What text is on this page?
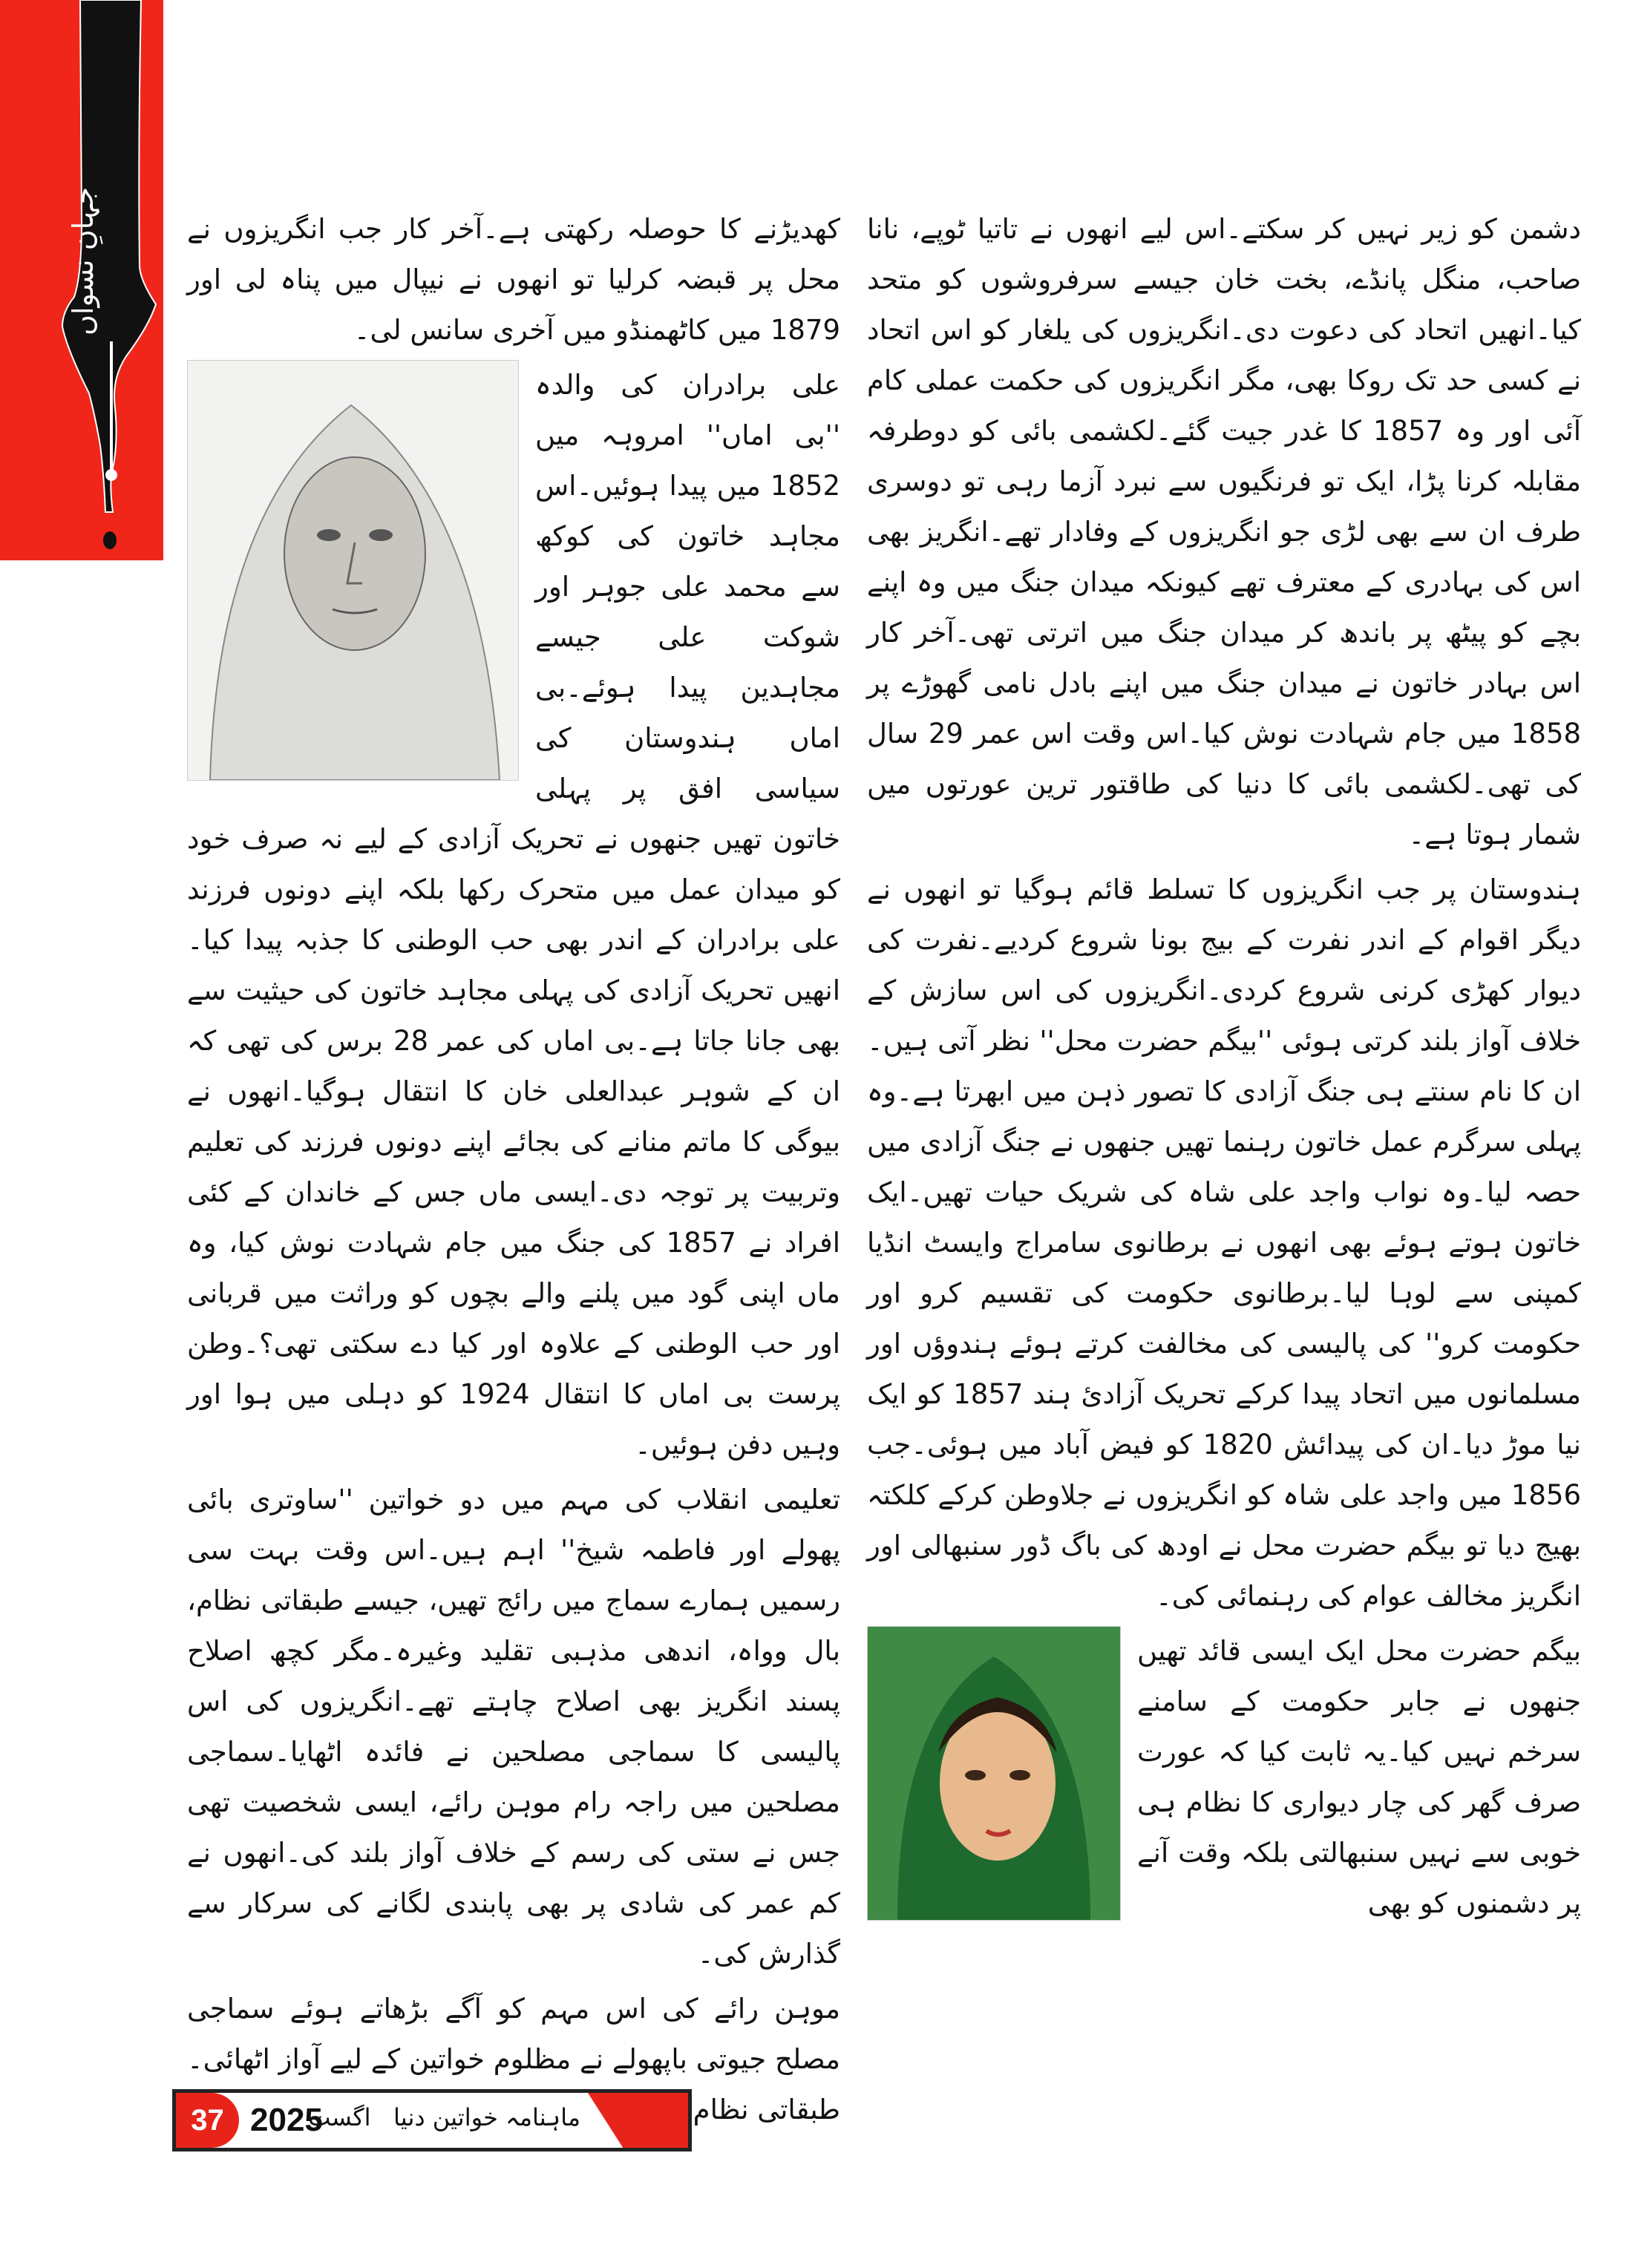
جہانِ نسواں	دشمن کو زیر نہیں کر سکتے۔اس لیے انھوں نے تاتیا ٹوپے، نانا صاحب، منگل پانڈے، بخت خان جیسے سرفروشوں کو متحد کیا۔انھیں اتحاد کی دعوت دی۔انگریزوں کی یلغار کو اس اتحاد نے کسی حد تک روکا بھی، مگر انگریزوں کی حکمت عملی کام آئی اور وہ 1857 کا غدر جیت گئے۔لکشمی بائی کو دوطرفہ مقابلہ کرنا پڑا، ایک تو فرنگیوں سے نبرد آزما رہی تو دوسری طرف ان سے بھی لڑی جو انگریزوں کے وفادار تھے۔انگریز بھی اس کی بہادری کے معترف تھے کیونکہ میدان جنگ میں وہ اپنے بچے کو پیٹھ پر باندھ کر میدان جنگ میں اترتی تھی۔آخر کار اس بہادر خاتون نے میدان جنگ میں اپنے بادل نامی گھوڑے پر 1858 میں جام شہادت نوش کیا۔اس وقت اس عمر 29 سال کی تھی۔لکشمی بائی کا دنیا کی طاقتور ترین عورتوں میں شمار ہوتا ہے۔

ہندوستان پر جب انگریزوں کا تسلط قائم ہوگیا تو انھوں نے دیگر اقوام کے اندر نفرت کے بیج بونا شروع کردیے۔نفرت کی دیوار کھڑی کرنی شروع کردی۔انگریزوں کی اس سازش کے خلاف آواز بلند کرتی ہوئی ''بیگم حضرت محل'' نظر آتی ہیں۔ان کا نام سنتے ہی جنگ آزادی کا تصور ذہن میں ابھرتا ہے۔وہ پہلی سرگرم عمل خاتون رہنما تھیں جنھوں نے جنگ آزادی میں حصہ لیا۔وہ نواب واجد علی شاہ کی شریک حیات تھیں۔ایک خاتون ہوتے ہوئے بھی انھوں نے برطانوی سامراج وایسٹ انڈیا کمپنی سے لوہا لیا۔برطانوی حکومت کی تقسیم کرو اور حکومت کرو'' کی پالیسی کی مخالفت کرتے ہوئے ہندوؤں اور مسلمانوں میں اتحاد پیدا کرکے تحریک آزادیٔ ہند 1857 کو ایک نیا موڑ دیا۔ان کی پیدائش 1820 کو فیض آباد میں ہوئی۔جب 1856 میں واجد علی شاہ کو انگریزوں نے جلاوطن کرکے کلکتہ بھیج دیا تو بیگم حضرت محل نے اودھ کی باگ ڈور سنبھالی اور انگریز مخالف عوام کی رہنمائی کی۔

بیگم حضرت محل ایک ایسی قائد تھیں جنھوں نے جابر حکومت کے سامنے سرخم نہیں کیا۔یہ ثابت کیا کہ عورت صرف گھر کی چار دیواری کا نظام ہی خوبی سے نہیں سنبھالتی بلکہ وقت آنے پر دشمنوں کو بھی

کھدیڑنے کا حوصلہ رکھتی ہے۔آخر کار جب انگریزوں نے محل پر قبضہ کرلیا تو انھوں نے نیپال میں پناہ لی اور 1879 میں کاٹھمنڈو میں آخری سانس لی۔

علی برادران کی والدہ ''بی اماں'' امروہہ میں 1852 میں پیدا ہوئیں۔اس مجاہد خاتون کی کوکھ سے محمد علی جوہر اور شوکت علی جیسے مجاہدین پیدا ہوئے۔بی اماں ہندوستان کی سیاسی افق پر پہلی خاتون تھیں جنھوں نے تحریک آزادی کے لیے نہ صرف خود کو میدان عمل میں متحرک رکھا بلکہ اپنے دونوں فرزند علی برادران کے اندر بھی حب الوطنی کا جذبہ پیدا کیا۔انھیں تحریک آزادی کی پہلی مجاہد خاتون کی حیثیت سے بھی جانا جاتا ہے۔بی اماں کی عمر 28 برس کی تھی کہ ان کے شوہر عبدالعلی خان کا انتقال ہوگیا۔انھوں نے بیوگی کا ماتم منانے کی بجائے اپنے دونوں فرزند کی تعلیم وتربیت پر توجہ دی۔ایسی ماں جس کے خاندان کے کئی افراد نے 1857 کی جنگ میں جام شہادت نوش کیا، وہ ماں اپنی گود میں پلنے والے بچوں کو وراثت میں قربانی اور حب الوطنی کے علاوہ اور کیا دے سکتی تھی؟۔وطن پرست بی اماں کا انتقال 1924 کو دہلی میں ہوا اور وہیں دفن ہوئیں۔

تعلیمی انقلاب کی مہم میں دو خواتین ''ساوتری بائی پھولے اور فاطمہ شیخ'' اہم ہیں۔اس وقت بہت سی رسمیں ہمارے سماج میں رائج تھیں، جیسے طبقاتی نظام، بال وواہ، اندھی مذہبی تقلید وغیرہ۔مگر کچھ اصلاح پسند انگریز بھی اصلاح چاہتے تھے۔انگریزوں کی اس پالیسی کا سماجی مصلحین نے فائدہ اٹھایا۔سماجی مصلحین میں راجہ رام موہن رائے، ایسی شخصیت تھی جس نے ستی کی رسم کے خلاف آواز بلند کی۔انھوں نے کم عمر کی شادی پر بھی پابندی لگانے کی سرکار سے گذارش کی۔

موہن رائے کی اس مہم کو آگے بڑھاتے ہوئے سماجی مصلح جیوتی باپھولے نے مظلوم خواتین کے لیے آواز اٹھائی۔طبقاتی نظام

37 2025	ماہنامہ خواتین دنیا   اگست
